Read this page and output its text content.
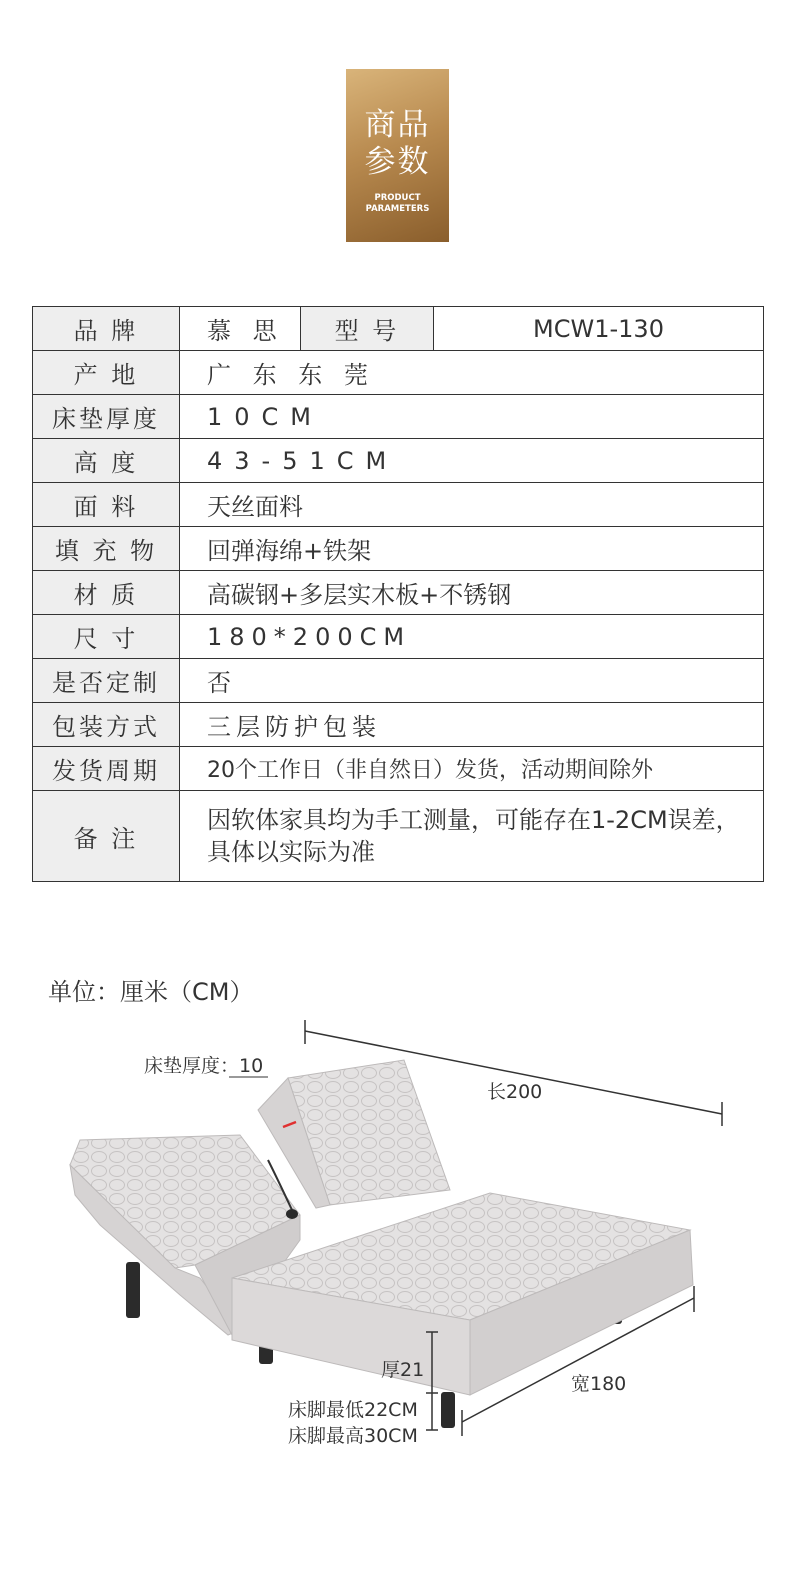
商品参数
PRODUCT PARAMETERS
品 牌	慕 思	型 号	MCW1-130
产 地	广 东 东 莞		
床垫厚度	10CM		
高 度	43-51CM		
面 料	天丝面料		
填 充 物	回弹海绵+铁架		
材 质	高碳钢+多层实木板+不锈钢		
尺 寸	180*200CM		
是否定制	否		
包装方式	三层防护包装		
发货周期	20个工作日（非自然日）发货，活动期间除外		
备 注	因软体家具均为手工测量，可能存在1-2CM误差，具体以实际为准		
单位：厘米（CM）
床垫厚度：10
长200
宽180
厚21
床脚最低22CM
床脚最高30CM
